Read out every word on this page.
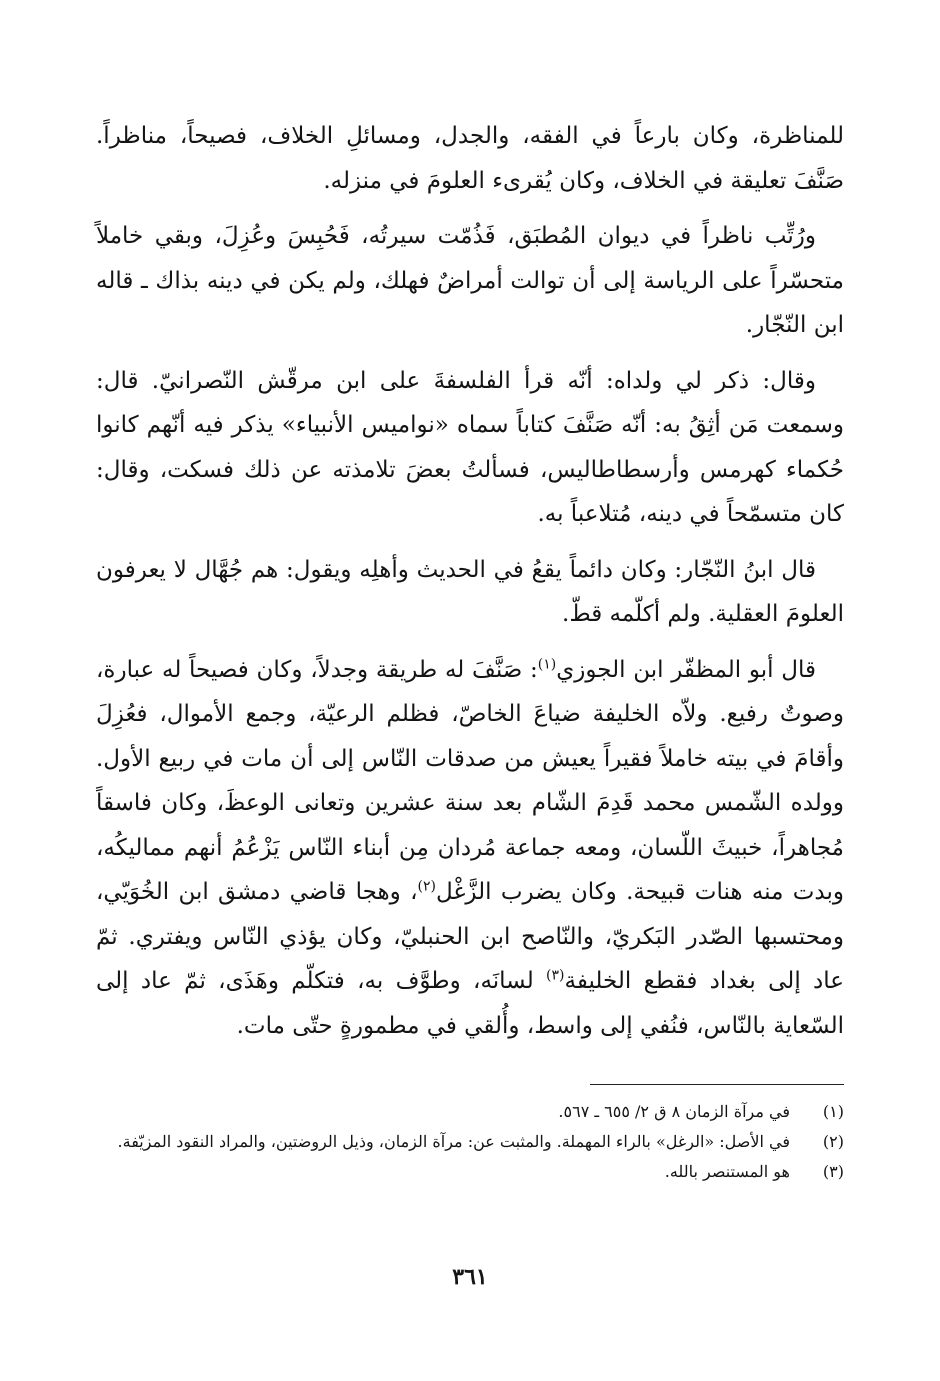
للمناظرة، وكان بارعاً في الفقه، والجدل، ومسائلِ الخلاف، فصيحاً، مناظراً. صَنَّفَ تعليقة في الخلاف، وكان يُقرىء العلومَ في منزله.

ورُتِّب ناظراً في ديوان المُطبَق، فَذُمّت سيرتُه، فَحُبِسَ وعُزِلَ، وبقي خاملاً متحسّراً على الرياسة إلى أن توالت أمراضٌ فهلك، ولم يكن في دينه بذاك ـ قاله ابن النّجّار.

وقال: ذكر لي ولداه: أنّه قرأ الفلسفةَ على ابن مرقّش النّصرانيّ. قال: وسمعت مَن أثِقُ به: أنّه صَنَّفَ كتاباً سماه «نواميس الأنبياء» يذكر فيه أنّهم كانوا حُكماء كهرمس وأرسطاطاليس، فسألتُ بعضَ تلامذته عن ذلك فسكت، وقال: كان متسمّحاً في دينه، مُتلاعباً به.

قال ابنُ النّجّار: وكان دائماً يقعُ في الحديث وأهلِه ويقول: هم جُهَّال لا يعرفون العلومَ العقلية. ولم أكلّمه قطّ.

قال أبو المظفّر ابن الجوزي$^{(١)}$: صَنَّفَ له طريقة وجدلاً، وكان فصيحاً له عبارة، وصوتٌ رفيع. ولاّه الخليفة ضياعَ الخاصّ، فظلم الرعيّة، وجمع الأموال، فعُزِلَ وأقامَ في بيته خاملاً فقيراً يعيش من صدقات النّاس إلى أن مات في ربيع الأول. وولده الشّمس محمد قَدِمَ الشّام بعد سنة عشرين وتعانى الوعظَ، وكان فاسقاً مُجاهراً، خبيثَ اللّسان، ومعه جماعة مُردان مِن أبناء النّاس يَزْعُمُ أنهم مماليكُه، وبدت منه هنات قبيحة. وكان يضرب الزَّغْل$^{(٢)}$، وهجا قاضي دمشق ابن الخُوَيّي، ومحتسبها الصّدر البَكريّ، والنّاصح ابن الحنبليّ، وكان يؤذي النّاس ويفتري. ثمّ عاد إلى بغداد فقطع الخليفة$^{(٣)}$ لسانَه، وطوَّف به، فتكلّم وهَذَى، ثمّ عاد إلى السّعاية بالنّاس، فنُفي إلى واسط، وأُلقي في مطمورةٍ حتّى مات.

(١)
في مرآة الزمان ٨ ق ٢/ ٦٥٥ ـ ٥٦٧.
(٢)
في الأصل: «الرغل» بالراء المهملة. والمثبت عن: مرآة الزمان، وذيل الروضتين، والمراد النقود المزيّفة.
(٣)
هو المستنصر بالله.
٣٦١
